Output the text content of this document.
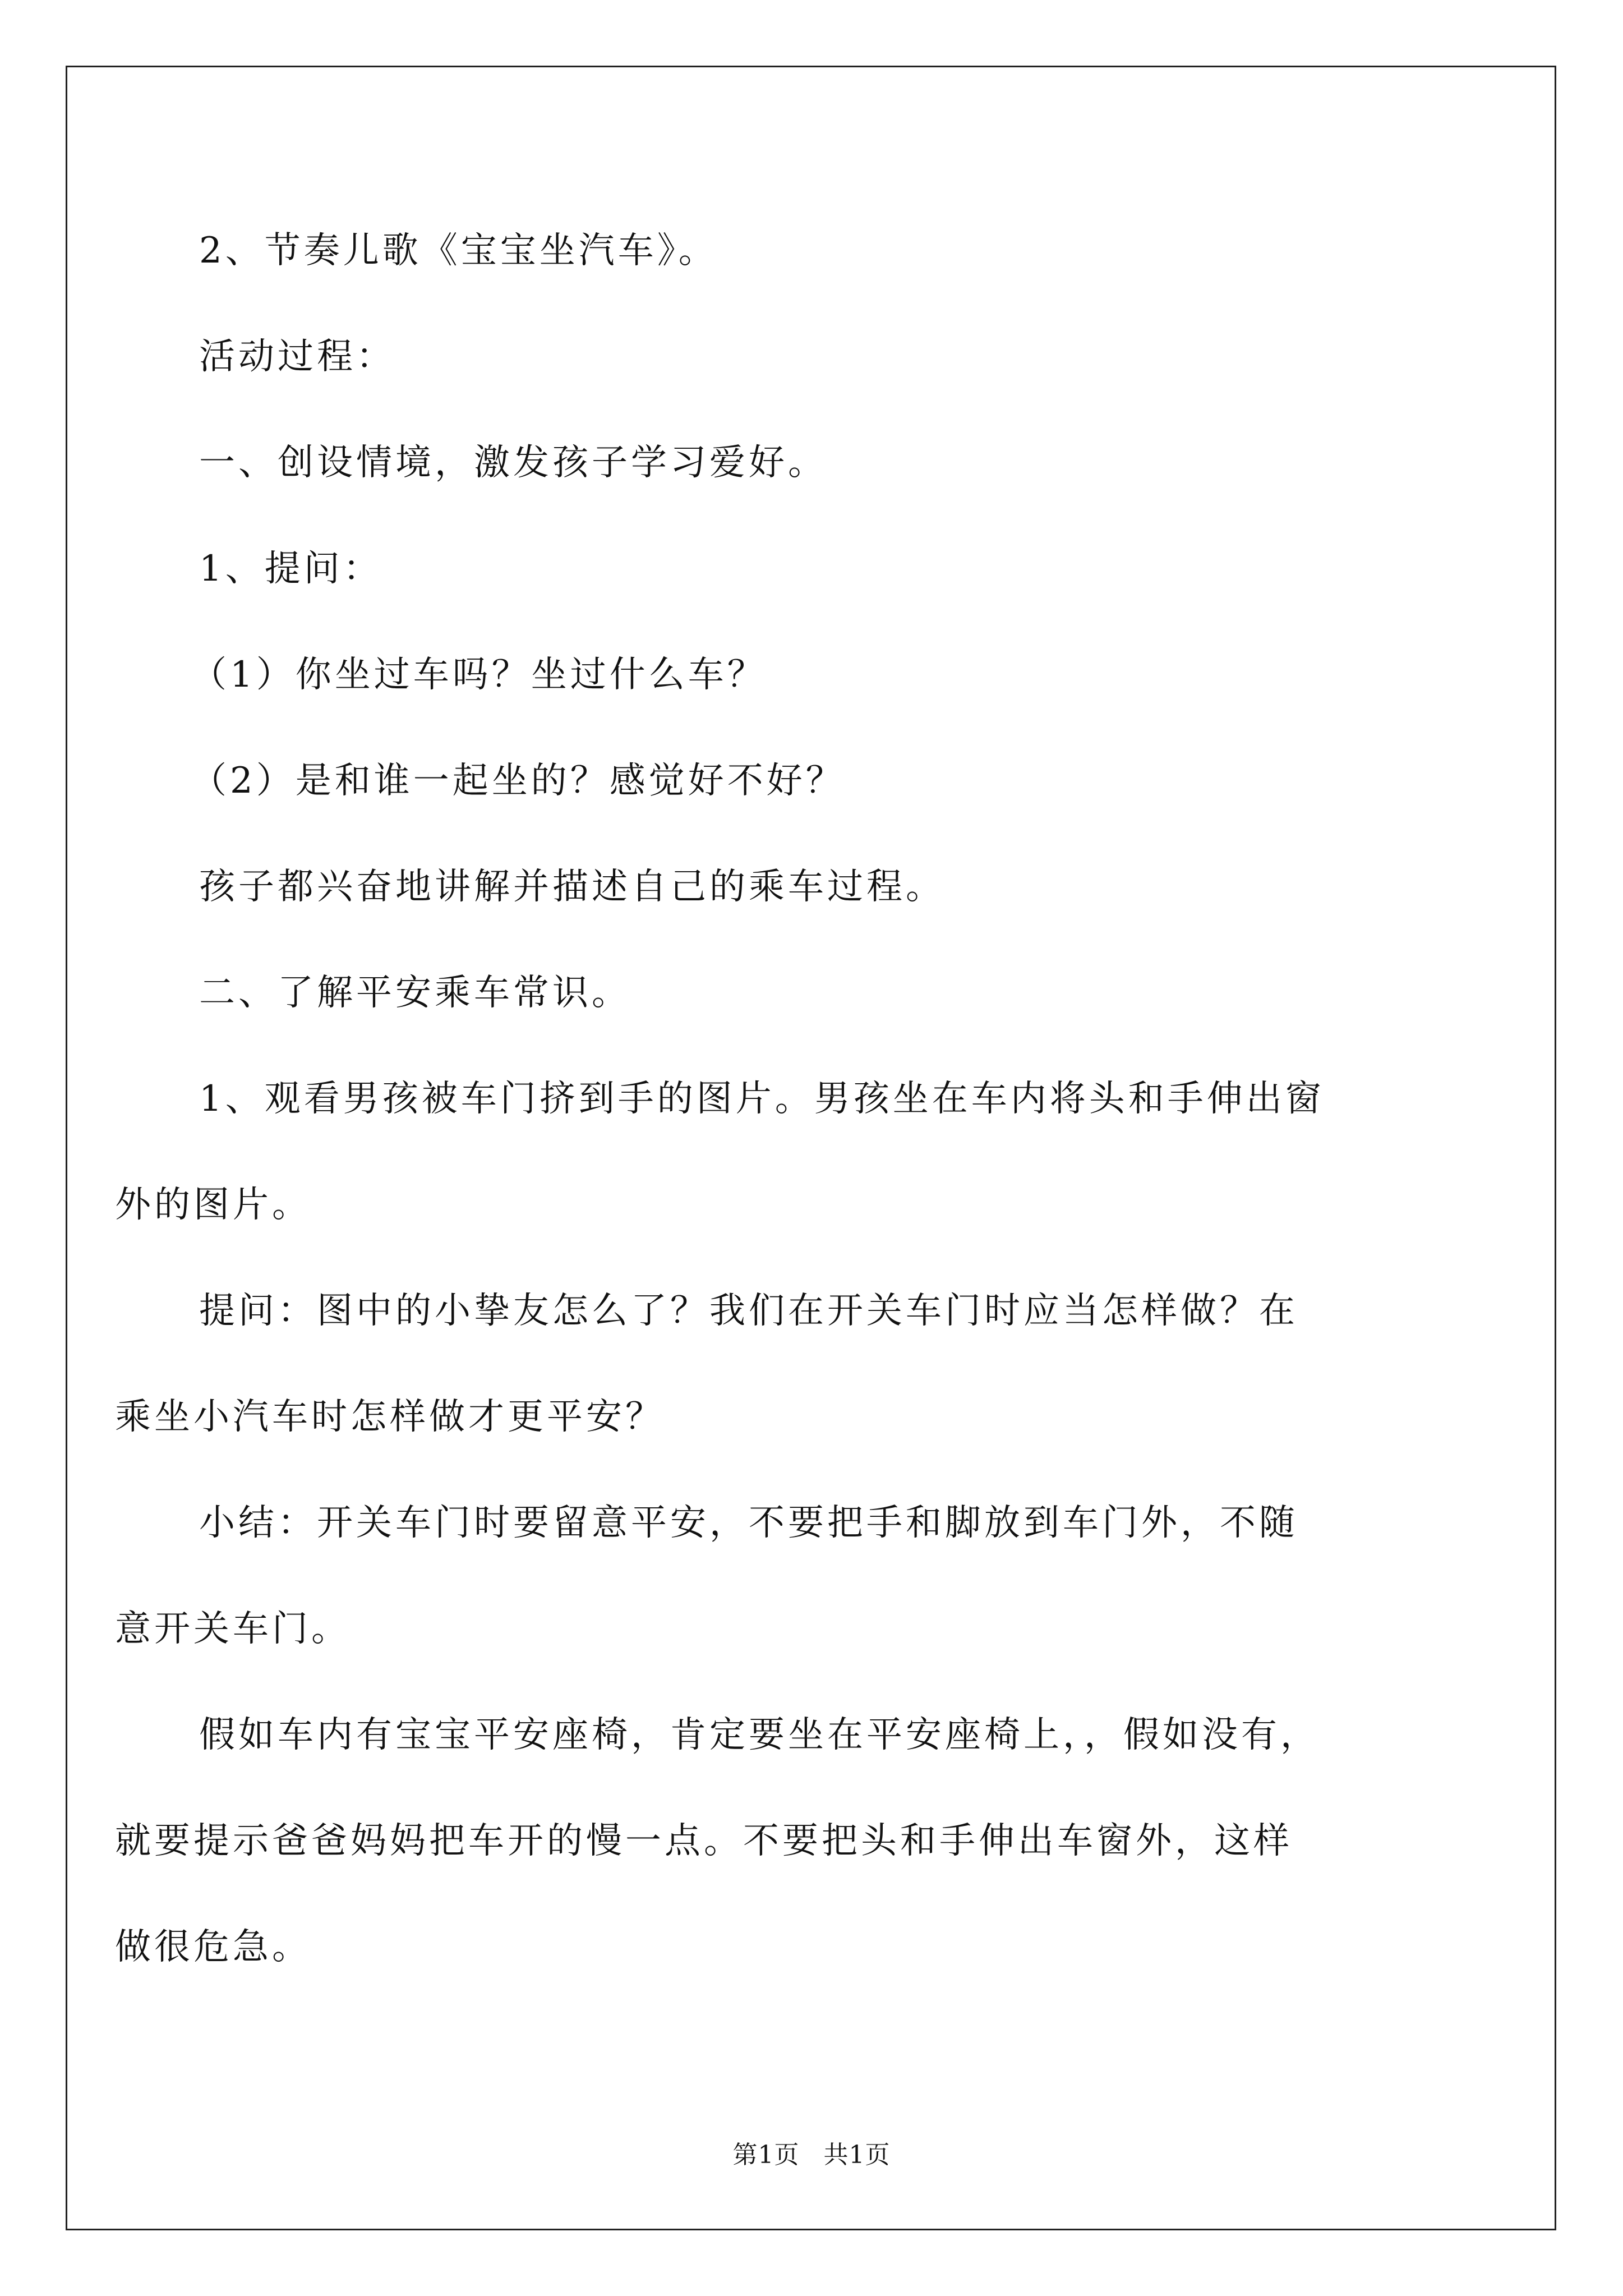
2、节奏儿歌《宝宝坐汽车》。
活动过程：
一、创设情境，激发孩子学习爱好。
1、提问：
（1）你坐过车吗？坐过什么车？
（2）是和谁一起坐的？感觉好不好？
孩子都兴奋地讲解并描述自己的乘车过程。
二、了解平安乘车常识。
1、观看男孩被车门挤到手的图片。男孩坐在车内将头和手伸出窗
外的图片。
提问：图中的小挚友怎么了？我们在开关车门时应当怎样做？在
乘坐小汽车时怎样做才更平安？
小结：开关车门时要留意平安，不要把手和脚放到车门外，不随
意开关车门。
假如车内有宝宝平安座椅，肯定要坐在平安座椅上，，假如没有，
就要提示爸爸妈妈把车开的慢一点。不要把头和手伸出车窗外，这样
做很危急。
第1页 共1页
